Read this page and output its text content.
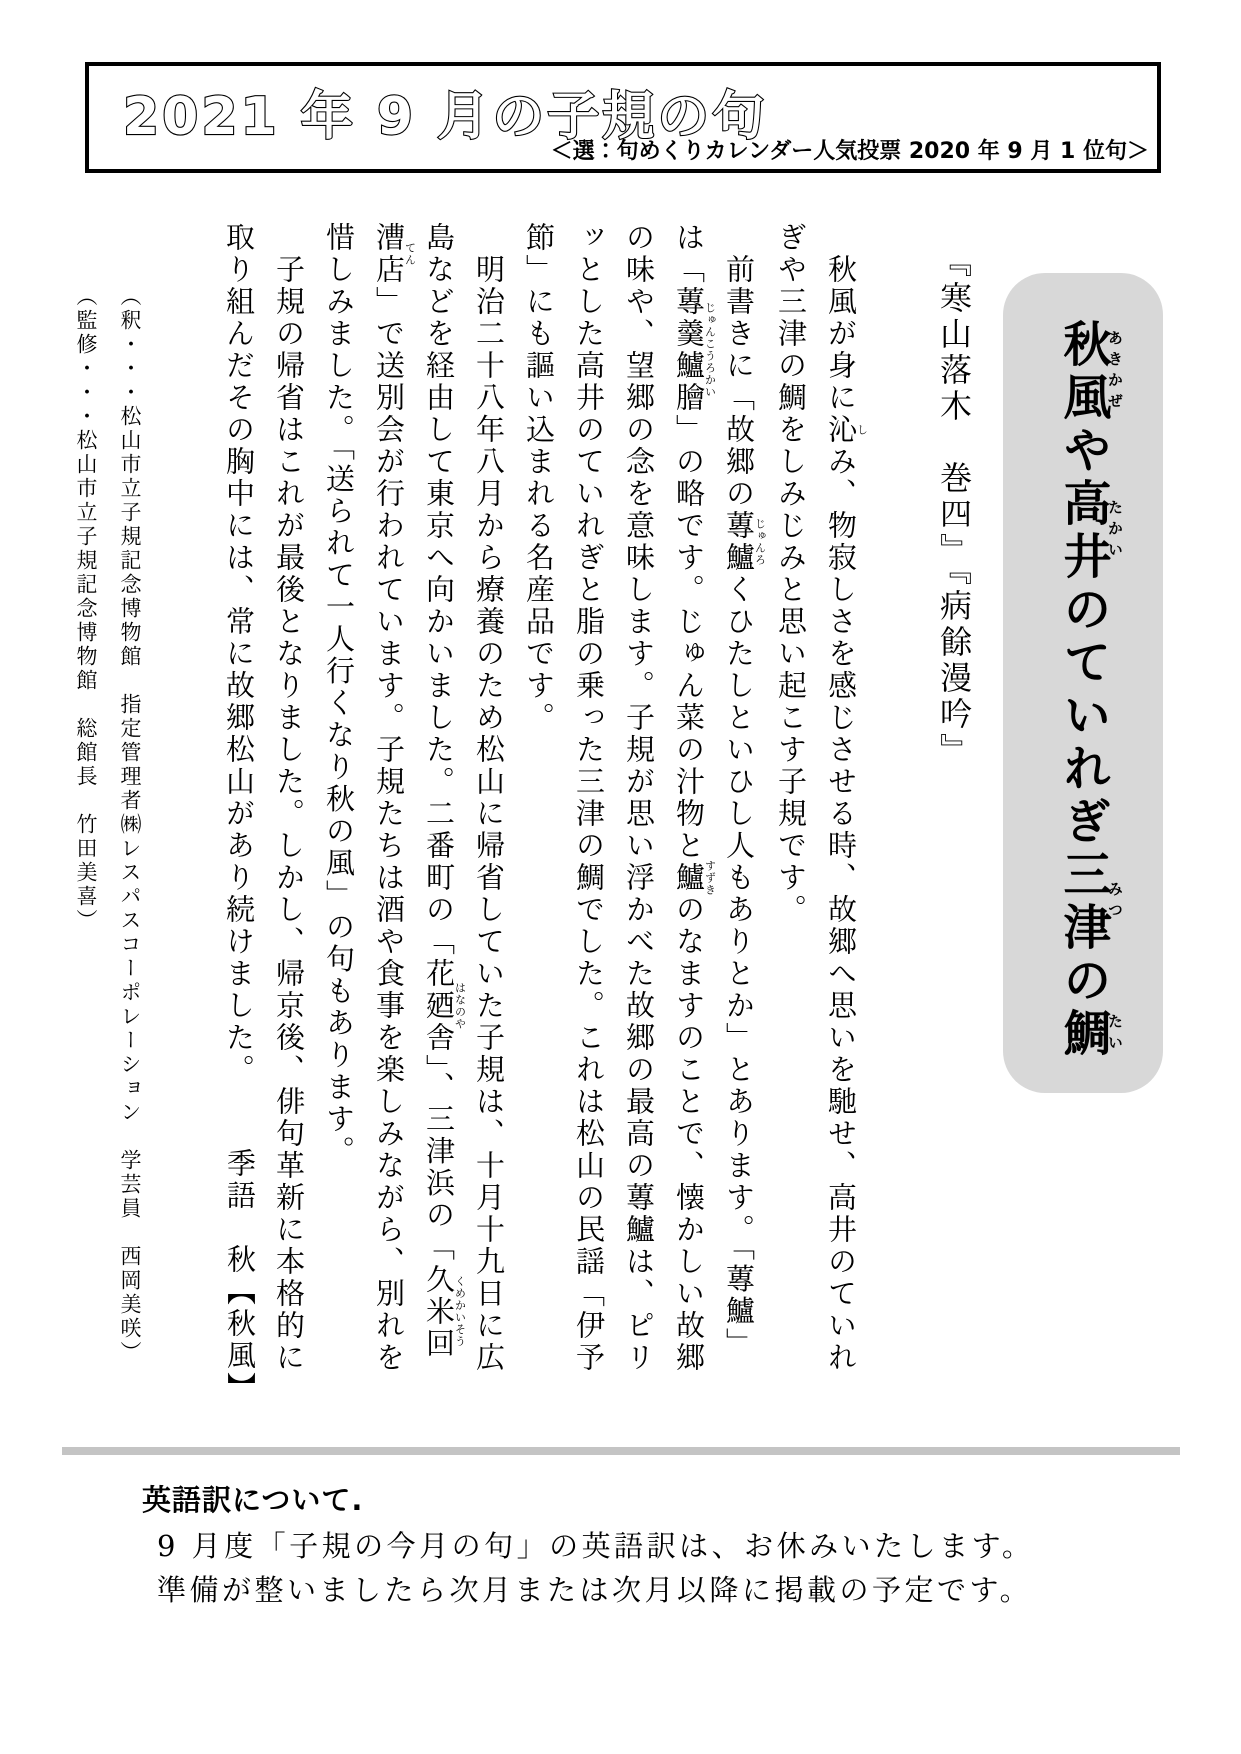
2021 年 9 月の子規の句
＜選：句めくりカレンダー人気投票 2020 年 9 月 1 位句＞
秋風あきかぜや高井たかいのていれぎ三津みつの鯛たい
『寒山落木　巻四』『病餘漫吟』

秋風が身に沁しみ、物寂しさを感じさせる時、故郷へ思いを馳せ、高井のていれぎや三津の鯛をしみじみと思い起こす子規です。

前書きに「故郷の蓴鱸じゅんろくひたしといひし人もありとか」とあります。「蓴鱸」は「蓴羹鱸膾じゅんこうろかい」の略です。じゅん菜の汁物と鱸すずきのなますのことで、懐かしい故郷の味や、望郷の念を意味します。子規が思い浮かべた故郷の最高の蓴鱸は、ピリッとした高井のていれぎと脂の乗った三津の鯛でした。これは松山の民謡「伊予節」にも謳い込まれる名産品です。

明治二十八年八月から療養のため松山に帰省していた子規は、十月十九日に広島などを経由して東京へ向かいました。二番町の「花廼舎はなのや」、三津浜の「久米回漕店くめかいそうてん」で送別会が行われています。子規たちは酒や食事を楽しみながら、別れを惜しみました。「送られて一人行くなり秋の風」の句もあります。

子規の帰省はこれが最後となりました。しかし、帰京後、俳句革新に本格的に取り組んだその胸中には、常に故郷松山があり続けました。

季語　秋【秋風】

（釈・・・松山市立子規記念博物館　指定管理者㈱レスパスコーポレーション　学芸員　西岡美咲）

（監修・・・松山市立子規記念博物館　総館長　竹田美喜）

英語訳について.

9 月度「子規の今月の句」の英語訳は、お休みいたします。

準備が整いましたら次月または次月以降に掲載の予定です。
